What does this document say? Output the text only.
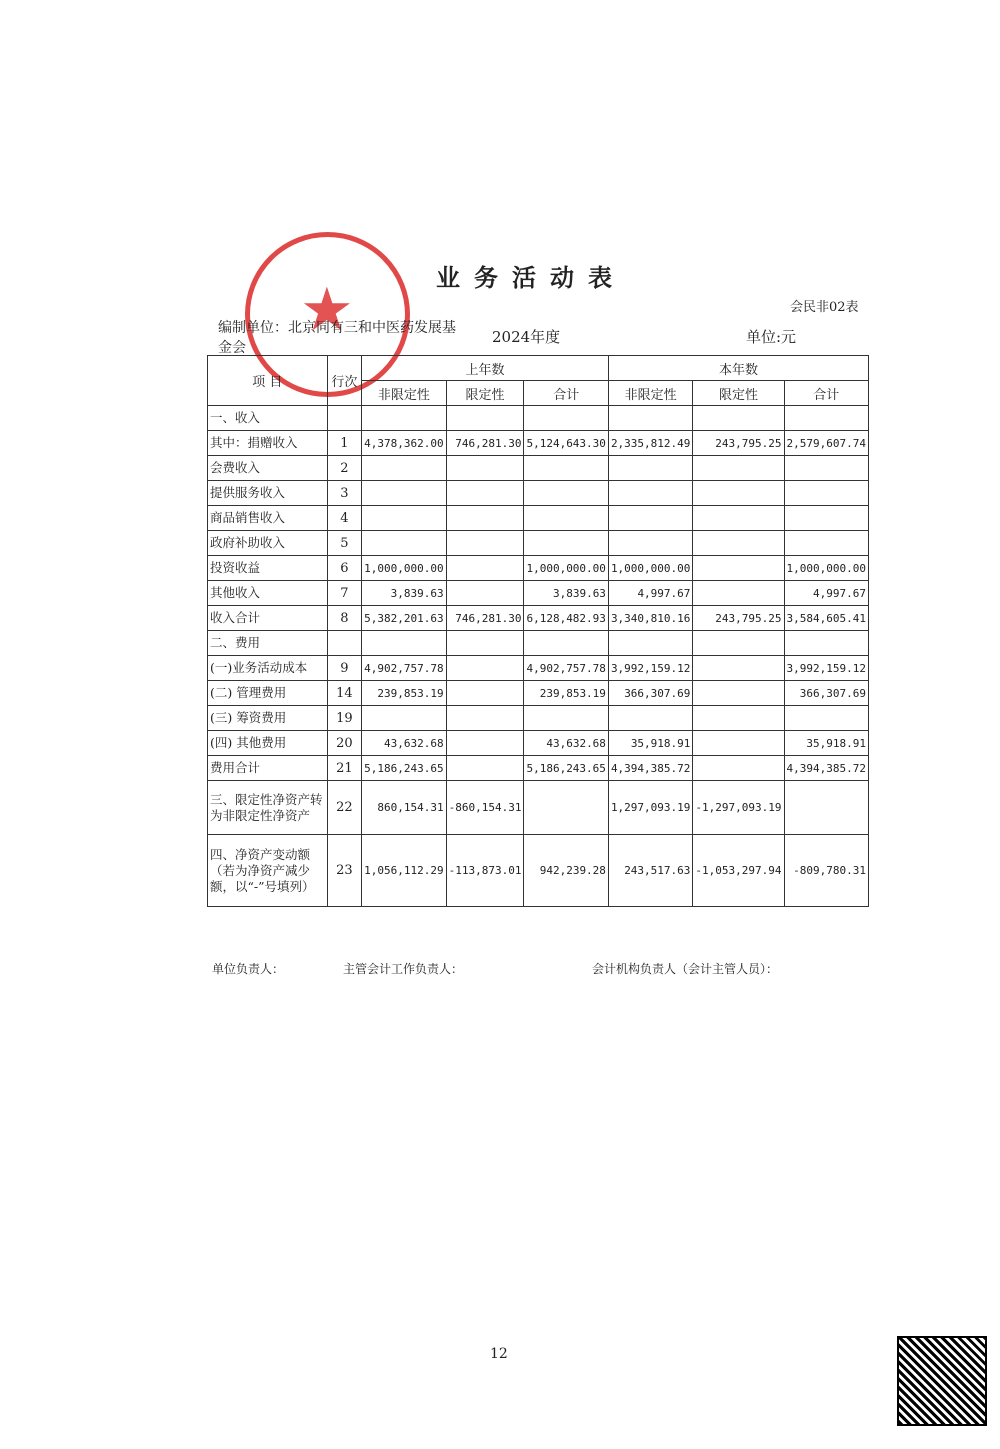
★	业务活动表
会民非02表
编制单位：北京同有三和中医药发展基金会
2024年度	单位:元
项 目	行次	上年数			本年数		
		非限定性	限定性	合计	非限定性	限定性	合计
一、收入							
其中：捐赠收入	1	4,378,362.00	746,281.30	5,124,643.30	2,335,812.49	243,795.25	2,579,607.74
会费收入	2						
提供服务收入	3						
商品销售收入	4						
政府补助收入	5						
投资收益	6	1,000,000.00		1,000,000.00	1,000,000.00		1,000,000.00
其他收入	7	3,839.63		3,839.63	4,997.67		4,997.67
收入合计	8	5,382,201.63	746,281.30	6,128,482.93	3,340,810.16	243,795.25	3,584,605.41
二、费用							
(一)业务活动成本	9	4,902,757.78		4,902,757.78	3,992,159.12		3,992,159.12
(二) 管理费用	14	239,853.19		239,853.19	366,307.69		366,307.69
(三) 筹资费用	19						
(四) 其他费用	20	43,632.68		43,632.68	35,918.91		35,918.91
费用合计	21	5,186,243.65		5,186,243.65	4,394,385.72		4,394,385.72
三、限定性净资产转为非限定性净资产	22	860,154.31	-860,154.31		1,297,093.19	-1,297,093.19	
四、净资产变动额（若为净资产减少额，以“-”号填列）	23	1,056,112.29	-113,873.01	942,239.28	243,517.63	-1,053,297.94	-809,780.31
单位负责人：	主管会计工作负责人：	会计机构负责人（会计主管人员）：
12
